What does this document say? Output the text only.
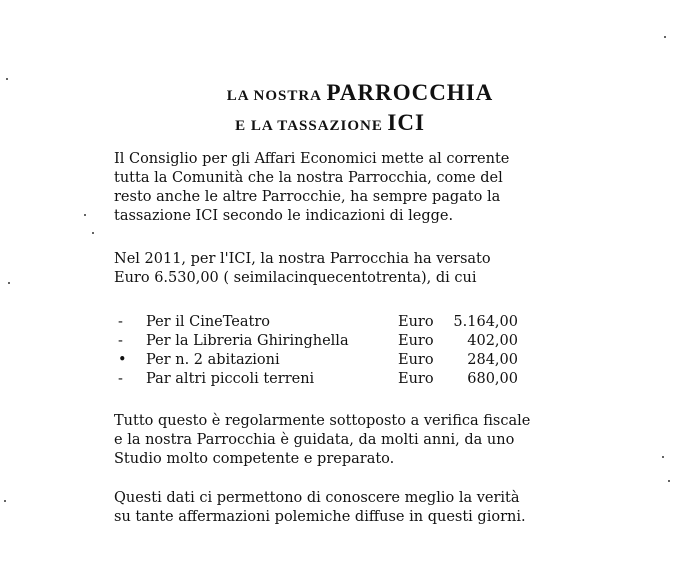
LA NOSTRA PARROCCHIA
E LA TASSAZIONE ICI

Il Consiglio per gli Affari Economici mette al corrente
tutta la Comunità che la nostra Parrocchia, come del
resto anche le altre Parrocchie, ha sempre pagato la
tassazione ICI secondo le indicazioni di legge.

Nel 2011, per l'ICI, la nostra Parrocchia ha versato
Euro 6.530,00 ( seimilacinquecentotrenta), di cui

-	Per il CineTeatro	Euro 5.164,00
-	Per la Libreria Ghiringhella	Euro 402,00
•	Per n. 2 abitazioni	Euro 284,00
-	Par altri piccoli terreni	Euro 680,00

Tutto questo è regolarmente sottoposto a verifica fiscale
e la nostra Parrocchia è guidata, da molti anni, da uno
Studio molto competente e preparato.

Questi dati ci permettono di conoscere meglio la verità
su tante affermazioni polemiche diffuse in questi giorni.
